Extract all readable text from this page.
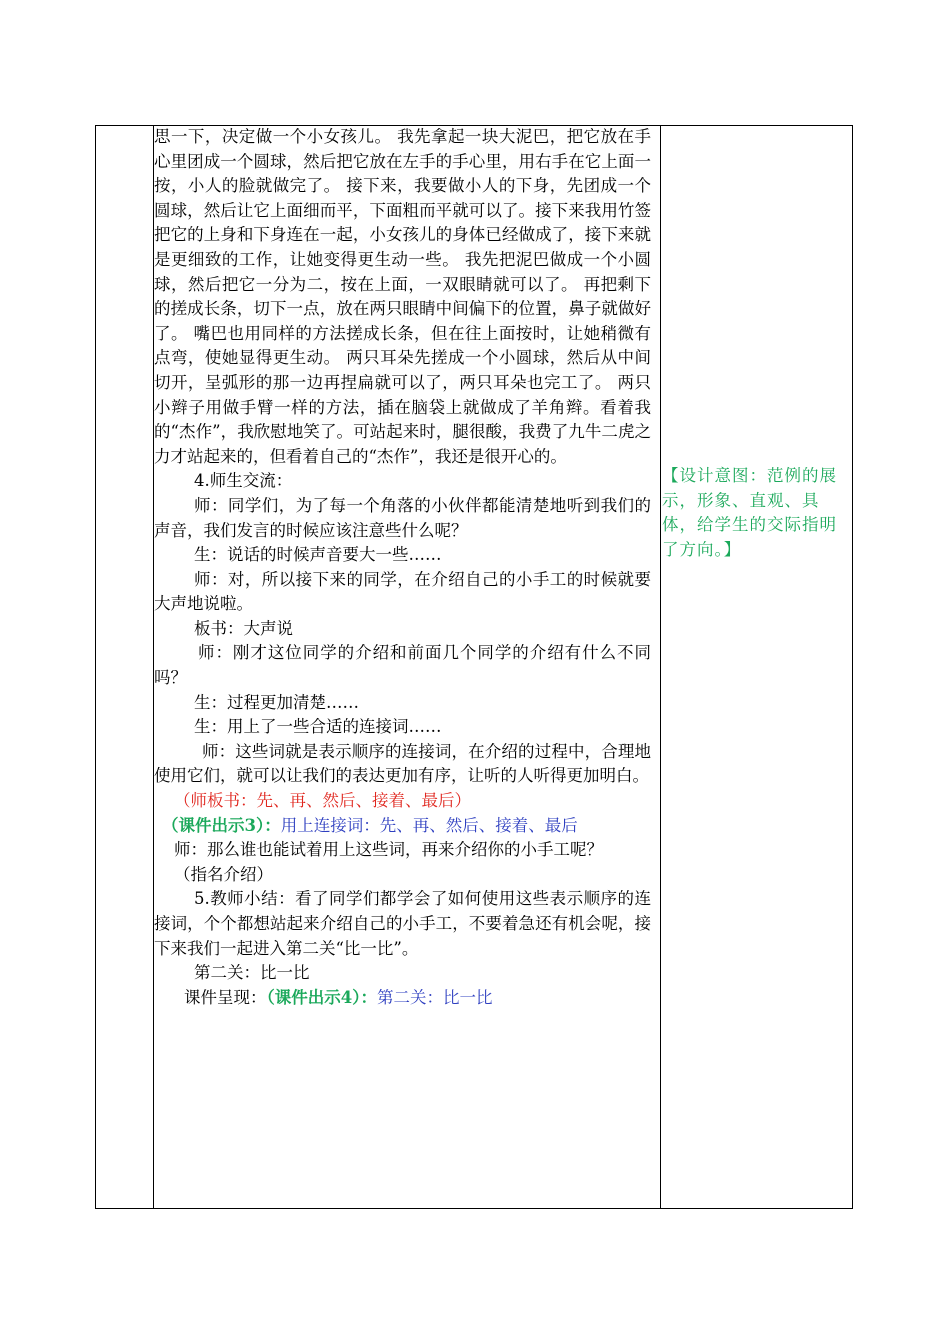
思一下，决定做一个小女孩儿。 我先拿起一块大泥巴，把它放在手心里团成一个圆球，然后把它放在左手的手心里，用右手在它上面一按，小人的脸就做完了。 接下来，我要做小人的下身，先团成一个圆球，然后让它上面细而平，下面粗而平就可以了。接下来我用竹签把它的上身和下身连在一起，小女孩儿的身体已经做成了，接下来就是更细致的工作，让她变得更生动一些。 我先把泥巴做成一个小圆球，然后把它一分为二，按在上面，一双眼睛就可以了。 再把剩下的搓成长条，切下一点，放在两只眼睛中间偏下的位置，鼻子就做好了。 嘴巴也用同样的方法搓成长条，但在往上面按时，让她稍微有点弯，使她显得更生动。 两只耳朵先搓成一个小圆球，然后从中间切开，呈弧形的那一边再捏扁就可以了，两只耳朵也完工了。 两只小辫子用做手臂一样的方法，插在脑袋上就做成了羊角辫。看着我的“杰作”，我欣慰地笑了。可站起来时，腿很酸，我费了九牛二虎之力才站起来的，但看着自己的“杰作”，我还是很开心的。

4.师生交流：

师：同学们，为了每一个角落的小伙伴都能清楚地听到我们的声音，我们发言的时候应该注意些什么呢？

生：说话的时候声音要大一些……

师：对，所以接下来的同学，在介绍自己的小手工的时候就要大声地说啦。

板书：大声说

师：刚才这位同学的介绍和前面几个同学的介绍有什么不同吗？

生：过程更加清楚……

生：用上了一些合适的连接词……

师：这些词就是表示顺序的连接词，在介绍的过程中，合理地使用它们，就可以让我们的表达更加有序，让听的人听得更加明白。

（师板书：先、再、然后、接着、最后）

（课件出示3）：用上连接词：先、再、然后、接着、最后

师：那么谁也能试着用上这些词，再来介绍你的小手工呢？

（指名介绍）

5.教师小结：看了同学们都学会了如何使用这些表示顺序的连接词，个个都想站起来介绍自己的小手工，不要着急还有机会呢，接下来我们一起进入第二关“比一比”。

第二关：比一比

课件呈现：（课件出示4）：第二关：比一比

【设计意图：范例的展示，形象、直观、具体，给学生的交际指明了方向。】
